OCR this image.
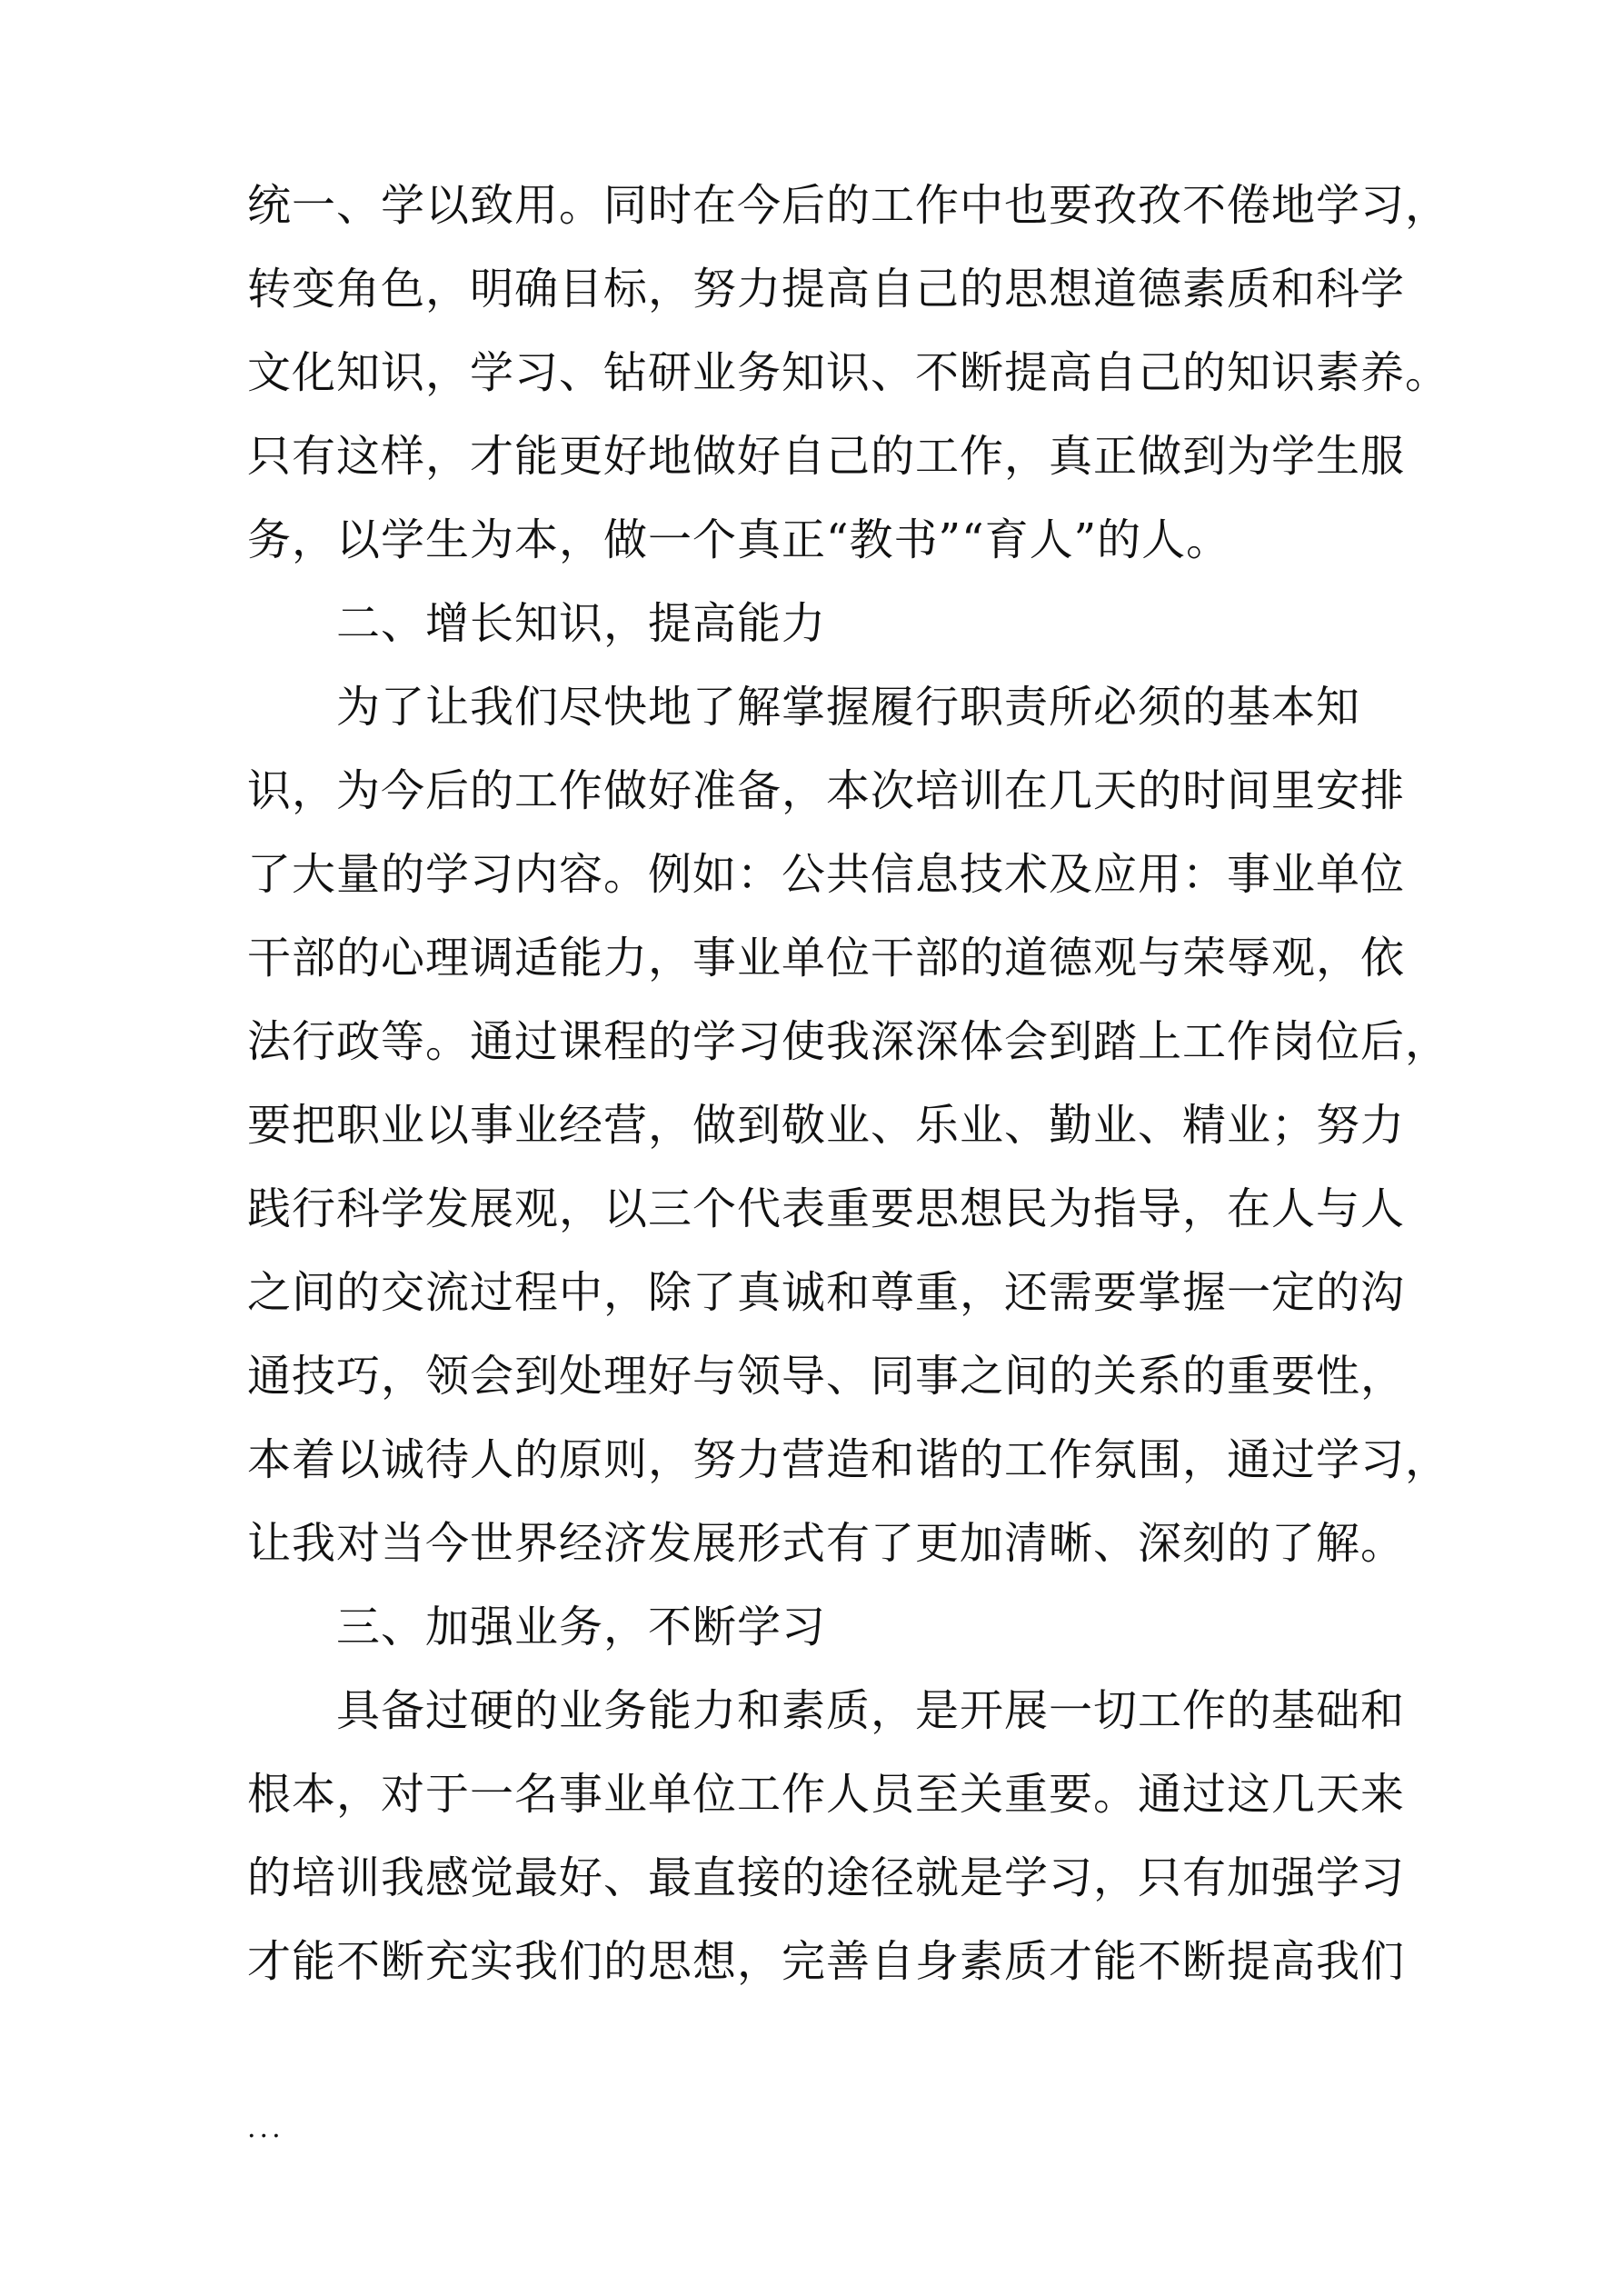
统一、学以致用。同时在今后的工作中也要孜孜不倦地学习，
转变角色，明确目标，努力提高自己的思想道德素质和科学
文化知识，学习、钻研业务知识、不断提高自己的知识素养。
只有这样，才能更好地做好自己的工作，真正做到为学生服
务，以学生为本，做一个真正“教书”“育人”的人。
二、增长知识，提高能力
为了让我们尽快地了解掌握履行职责所必须的基本知
识，为今后的工作做好准备，本次培训在几天的时间里安排
了大量的学习内容。例如：公共信息技术及应用：事业单位
干部的心理调适能力，事业单位干部的道德观与荣辱观，依
法行政等。通过课程的学习使我深深体会到踏上工作岗位后，
要把职业以事业经营，做到敬业、乐业、勤业、精业；努力
践行科学发展观，以三个代表重要思想民为指导，在人与人
之间的交流过程中，除了真诚和尊重，还需要掌握一定的沟
通技巧，领会到处理好与领导、同事之间的关系的重要性，
本着以诚待人的原则，努力营造和谐的工作氛围，通过学习，
让我对当今世界经济发展形式有了更加清晰、深刻的了解。
三、加强业务，不断学习
具备过硬的业务能力和素质，是开展一切工作的基础和
根本，对于一名事业单位工作人员至关重要。通过这几天来
的培训我感觉最好、最直接的途径就是学习，只有加强学习
才能不断充实我们的思想，完善自身素质才能不断提高我们
...
